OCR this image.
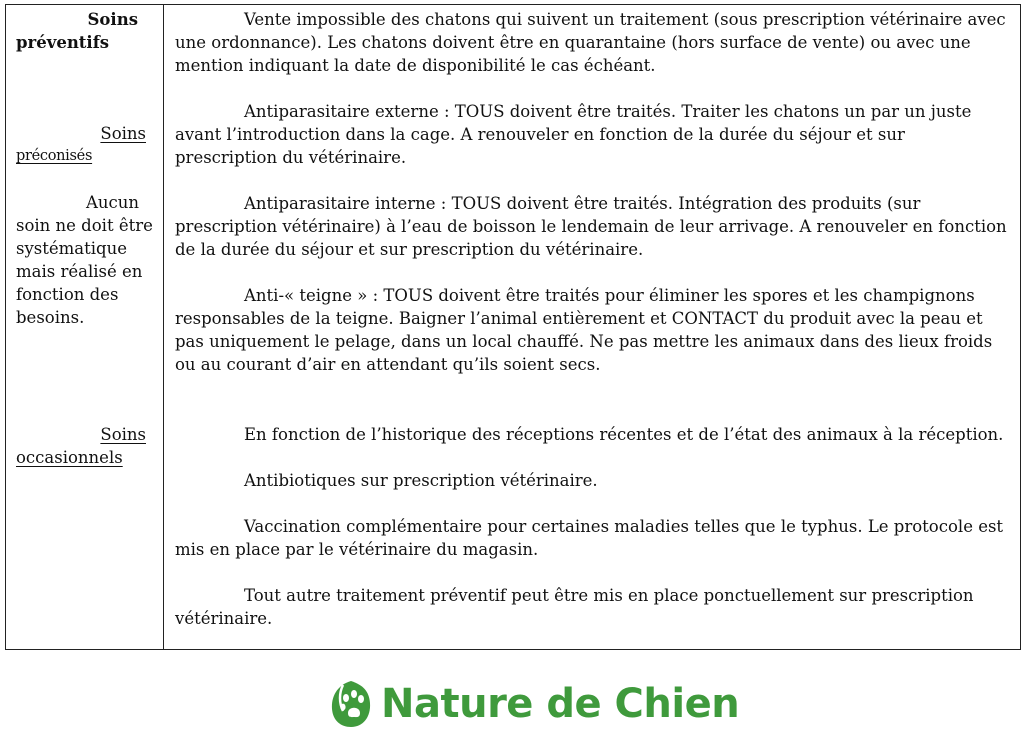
Soins
préventifs
Soins
préconisés
Aucun soin ne doit être systématique mais réalisé en fonction des besoins.
Soins
occasionnels

Vente impossible des chatons qui suivent un traitement (sous prescription vétérinaire avec une ordonnance). Les chatons doivent être en quarantaine (hors surface de vente) ou avec une mention indiquant la date de disponibilité le cas échéant.

Antiparasitaire externe : TOUS doivent être traités. Traiter les chatons un par un juste avant l’introduction dans la cage. A renouveler en fonction de la durée du séjour et sur prescription du vétérinaire.

Antiparasitaire interne : TOUS doivent être traités. Intégration des produits (sur prescription vétérinaire) à l’eau de boisson le lendemain de leur arrivage. A renouveler en fonction de la durée du séjour et sur prescription du vétérinaire.

Anti-« teigne » : TOUS doivent être traités pour éliminer les spores et les champignons responsables de la teigne. Baigner l’animal entièrement et CONTACT du produit avec la peau et pas uniquement le pelage, dans un local chauffé. Ne pas mettre les animaux dans des lieux froids ou au courant d’air en attendant qu’ils soient secs.

En fonction de l’historique des réceptions récentes et de l’état des animaux à la réception.

Antibiotiques sur prescription vétérinaire.

Vaccination complémentaire pour certaines maladies telles que le typhus. Le protocole est mis en place par le vétérinaire du magasin.

Tout autre traitement préventif peut être mis en place ponctuellement sur prescription vétérinaire.

Nature de Chien
